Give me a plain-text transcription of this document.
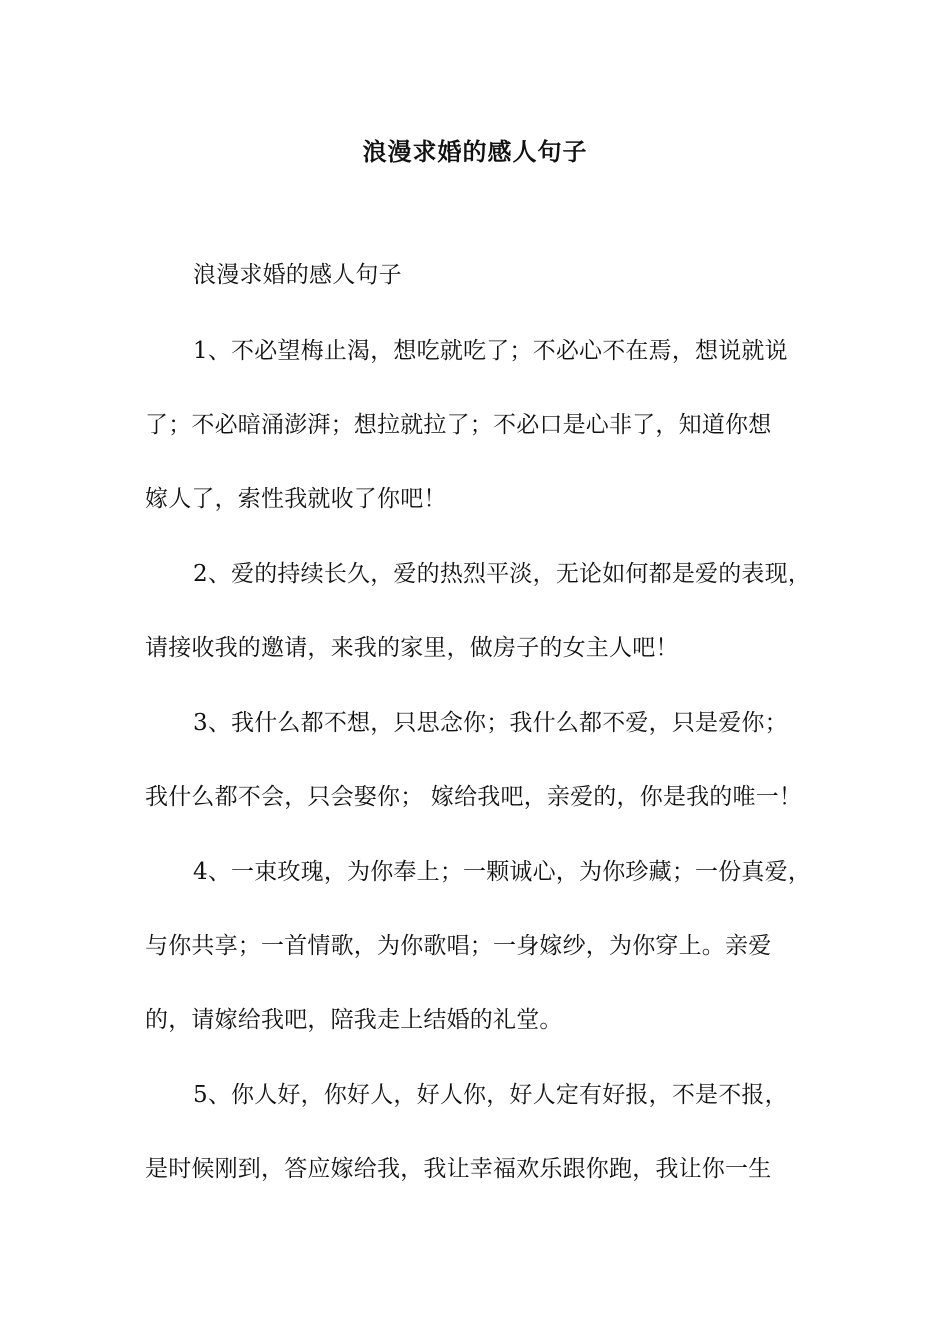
浪漫求婚的感人句子
浪漫求婚的感人句子
1、不必望梅止渴，想吃就吃了；不必心不在焉，想说就说
了；不必暗涌澎湃；想拉就拉了；不必口是心非了，知道你想
嫁人了，索性我就收了你吧！
2、爱的持续长久，爱的热烈平淡，无论如何都是爱的表现，
请接收我的邀请，来我的家里，做房子的女主人吧！
3、我什么都不想，只思念你；我什么都不爱，只是爱你；
我什么都不会，只会娶你； 嫁给我吧，亲爱的，你是我的唯一！
4、一束玫瑰，为你奉上；一颗诚心，为你珍藏；一份真爱，
与你共享；一首情歌，为你歌唱；一身嫁纱，为你穿上。亲爱
的，请嫁给我吧，陪我走上结婚的礼堂。
5、你人好，你好人，好人你，好人定有好报，不是不报，
是时候刚到，答应嫁给我，我让幸福欢乐跟你跑，我让你一生
